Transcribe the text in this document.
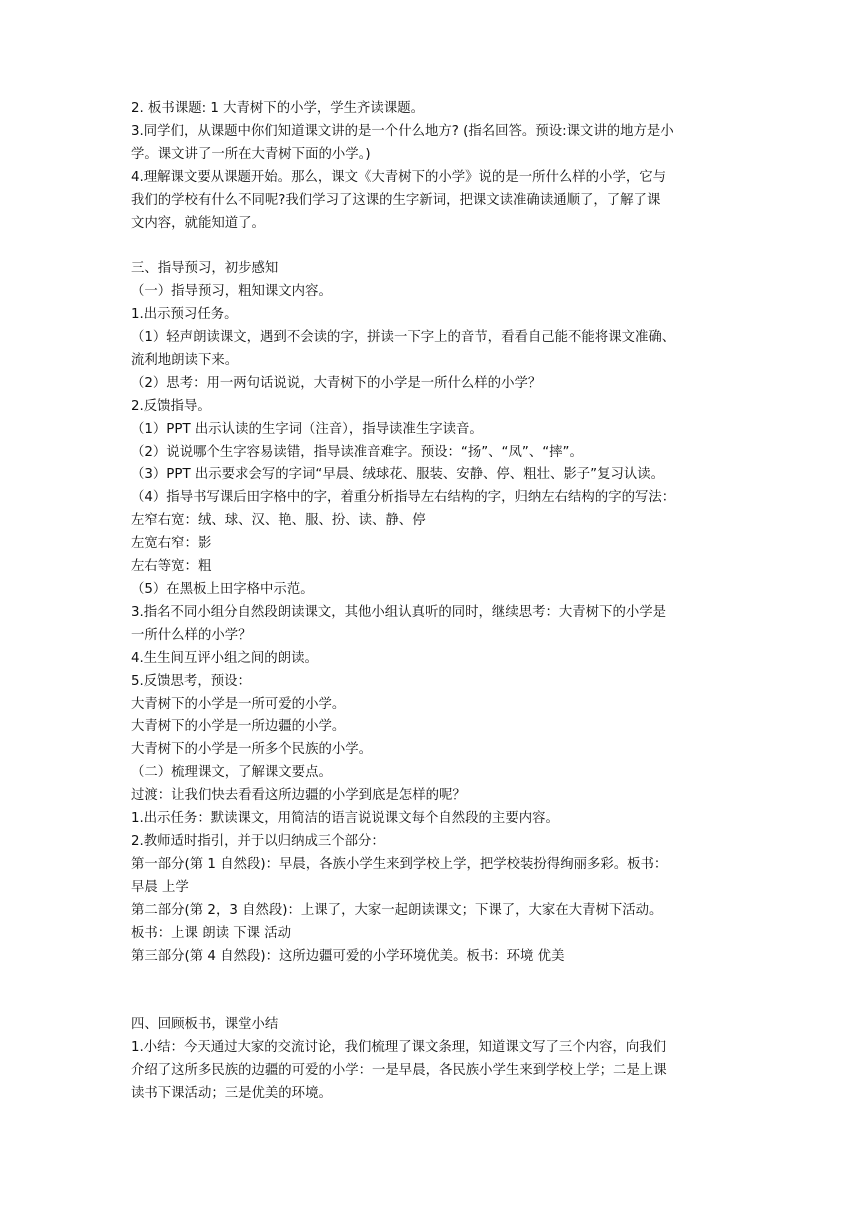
2. 板书课题: 1 大青树下的小学，学生齐读课题。

3.同学们，从课题中你们知道课文讲的是一个什么地方? (指名回答。预设:课文讲的地方是小

学。课文讲了一所在大青树下面的小学。)

4.理解课文要从课题开始。那么，课文《大青树下的小学》说的是一所什么样的小学，它与

我们的学校有什么不同呢?我们学习了这课的生字新词，把课文读准确读通顺了，了解了课

文内容，就能知道了。

三、指导预习，初步感知

（一）指导预习，粗知课文内容。

1.出示预习任务。

（1）轻声朗读课文，遇到不会读的字，拼读一下字上的音节，看看自己能不能将课文准确、

流利地朗读下来。

（2）思考：用一两句话说说，大青树下的小学是一所什么样的小学？

2.反馈指导。

（1）PPT 出示认读的生字词（注音），指导读准生字读音。

（2）说说哪个生字容易读错，指导读准音难字。预设：“扬”、“凤”、“摔”。

（3）PPT 出示要求会写的字词“早晨、绒球花、服装、安静、停、粗壮、影子”复习认读。

（4）指导书写课后田字格中的字，着重分析指导左右结构的字，归纳左右结构的字的写法：

左窄右宽：绒、球、汉、艳、服、扮、读、静、停

左宽右窄：影

左右等宽：粗

（5）在黑板上田字格中示范。

3.指名不同小组分自然段朗读课文，其他小组认真听的同时，继续思考：大青树下的小学是

一所什么样的小学？

4.生生间互评小组之间的朗读。

5.反馈思考，预设：

大青树下的小学是一所可爱的小学。

大青树下的小学是一所边疆的小学。

大青树下的小学是一所多个民族的小学。

（二）梳理课文，了解课文要点。

过渡：让我们快去看看这所边疆的小学到底是怎样的呢？

1.出示任务：默读课文，用简洁的语言说说课文每个自然段的主要内容。

2.教师适时指引，并于以归纳成三个部分：

第一部分(第 1 自然段)：早晨，各族小学生来到学校上学，把学校装扮得绚丽多彩。板书：

早晨 上学

第二部分(第 2，3 自然段)：上课了，大家一起朗读课文；下课了，大家在大青树下活动。

板书：上课 朗读 下课 活动

第三部分(第 4 自然段)：这所边疆可爱的小学环境优美。板书：环境 优美

四、回顾板书，课堂小结

1.小结：今天通过大家的交流讨论，我们梳理了课文条理，知道课文写了三个内容，向我们

介绍了这所多民族的边疆的可爱的小学：一是早晨，各民族小学生来到学校上学；二是上课

读书下课活动；三是优美的环境。
